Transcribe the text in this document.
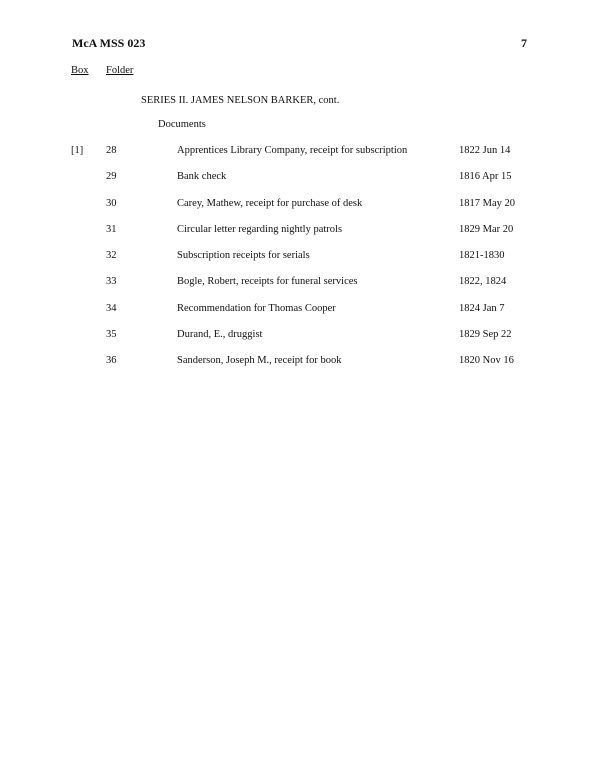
McA MSS 023	7
Box Folder
SERIES II. JAMES NELSON BARKER, cont.
Documents
[1] 28	Apprentices Library Company, receipt for subscription	1822 Jun 14
29	Bank check	1816 Apr 15
30	Carey, Mathew, receipt for purchase of desk	1817 May 20
31	Circular letter regarding nightly patrols	1829 Mar 20
32	Subscription receipts for serials	1821-1830
33	Bogle, Robert, receipts for funeral services	1822, 1824
34	Recommendation for Thomas Cooper	1824 Jan 7
35	Durand, E., druggist	1829 Sep 22
36	Sanderson, Joseph M., receipt for book	1820 Nov 16
